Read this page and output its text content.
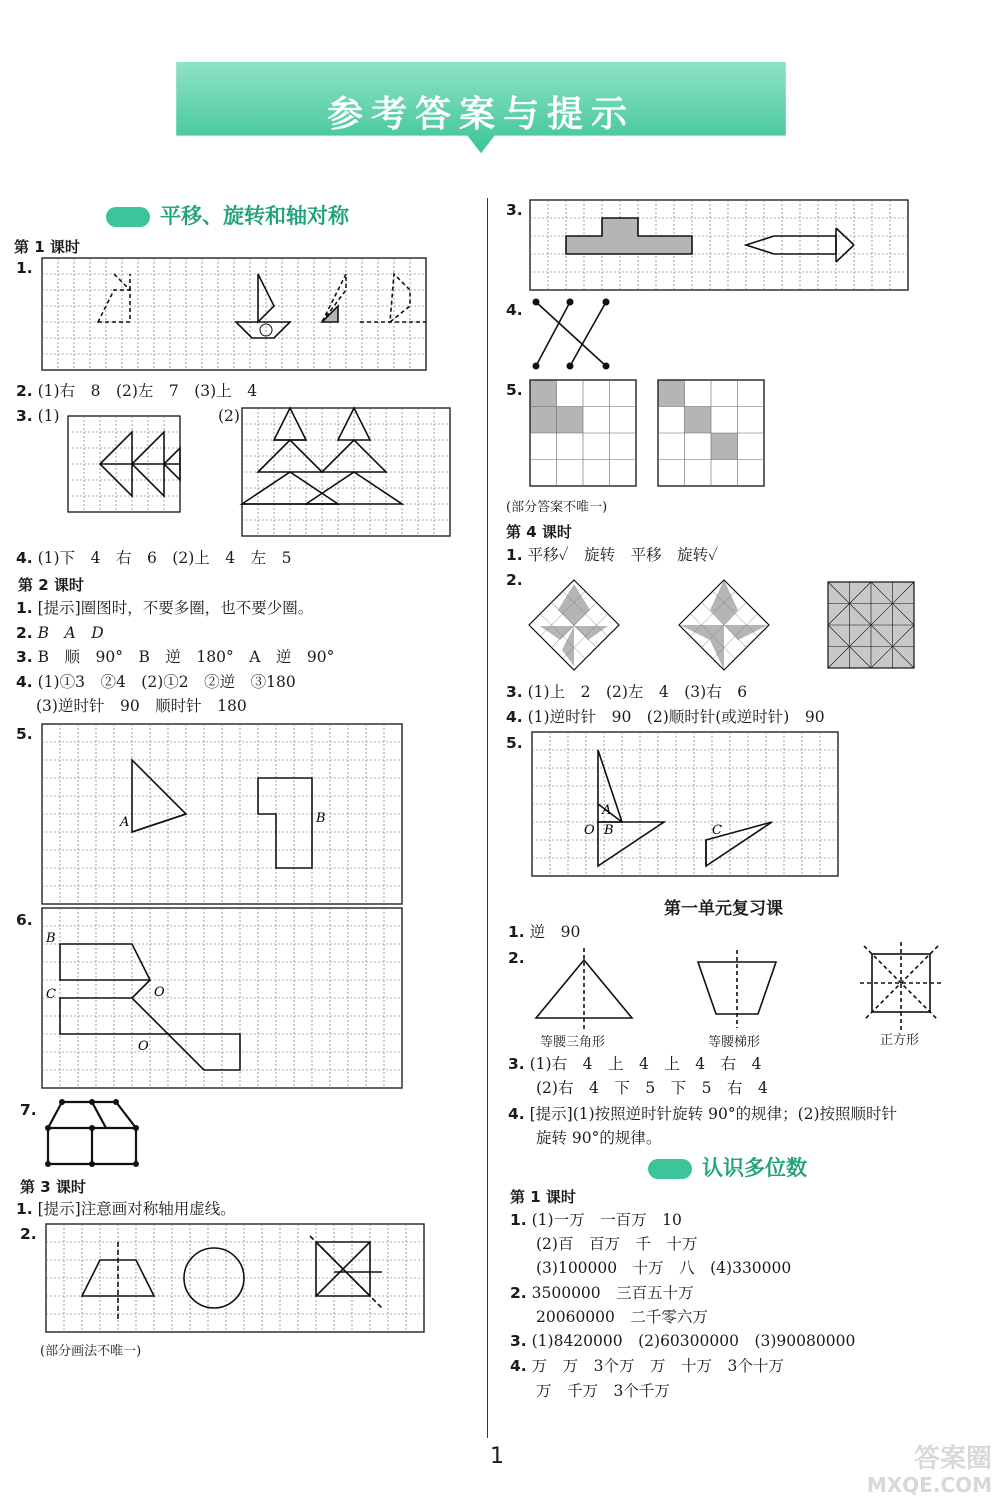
参考答案与提示
平移、旋转和轴对称
第 1 课时
1.
2. (1)右　8　(2)左　7　(3)上　4
3. (1)	(2)
4. (1)下　4　右　6　(2)上　4　左　5
第 2 课时
1. [提示]圈图时，不要多圈，也不要少圈。
2. B　A　D
3. B　顺　90°　B　逆　180°　A　逆　90°
4. (1)①3　②4　(2)①2　②逆　③180
(3)逆时针　90　顺时针　180
5.
A	B
6.
B
C	O
O
7.
第 3 课时
1. [提示]注意画对称轴用虚线。
2.
(部分画法不唯一)
3.
4.
5.
(部分答案不唯一)
第 4 课时
1. 平移✓　旋转　平移　旋转✓
2.
3. (1)上　2　(2)左　4　(3)右　6
4. (1)逆时针　90　(2)顺时针(或逆时针)　90
5.
A
O B	C
第一单元复习课
1. 逆　90
2.
等腰三角形	等腰梯形	正方形
3. (1)右　4　上　4　上　4　右　4
(2)右　4　下　5　下　5　右　4
4. [提示](1)按照逆时针旋转 90°的规律；(2)按照顺时针
旋转 90°的规律。
认识多位数
第 1 课时
1. (1)一万　一百万　10
(2)百　百万　千　十万
(3)100000　十万　八　(4)330000
2. 3500000　三百五十万
20060000　二千零六万
3. (1)8420000　(2)60300000　(3)90080000
4. 万　万　3个万　万　十万　3个十万
万　千万　3个千万
1	答案圈
MXQE.COM
